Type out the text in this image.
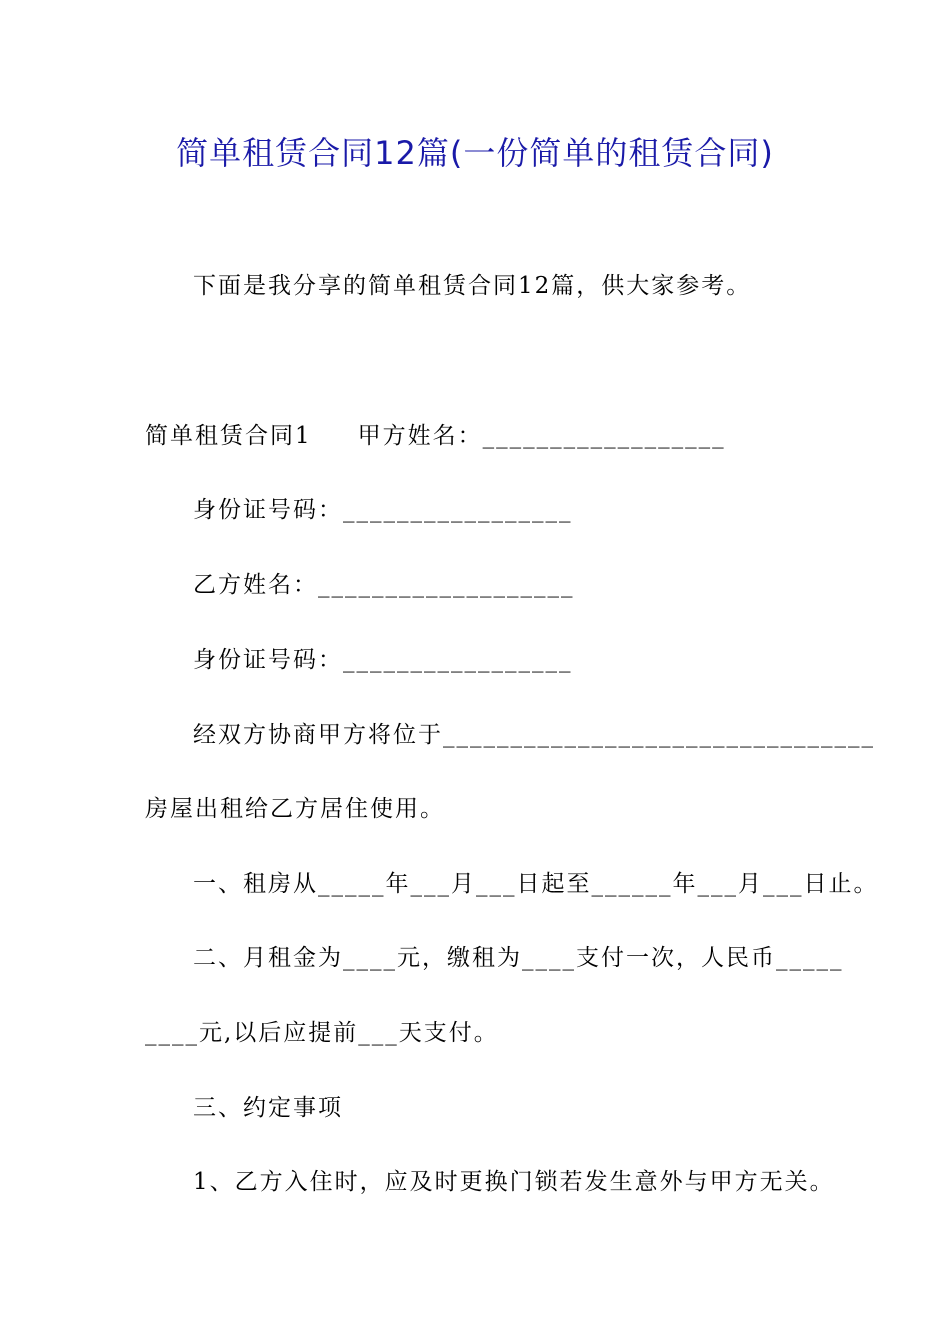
简单租赁合同12篇(一份简单的租赁合同)
下面是我分享的简单租赁合同12篇，供大家参考。
简单租赁合同1 甲方姓名：__________________
身份证号码：_________________
乙方姓名：___________________
身份证号码：_________________
经双方协商甲方将位于________________________________
房屋出租给乙方居住使用。
一、租房从_____年___月___日起至______年___月___日止。
二、月租金为____元，缴租为____支付一次，人民币_____
____元,以后应提前___天支付。
三、约定事项
1、乙方入住时，应及时更换门锁若发生意外与甲方无关。
